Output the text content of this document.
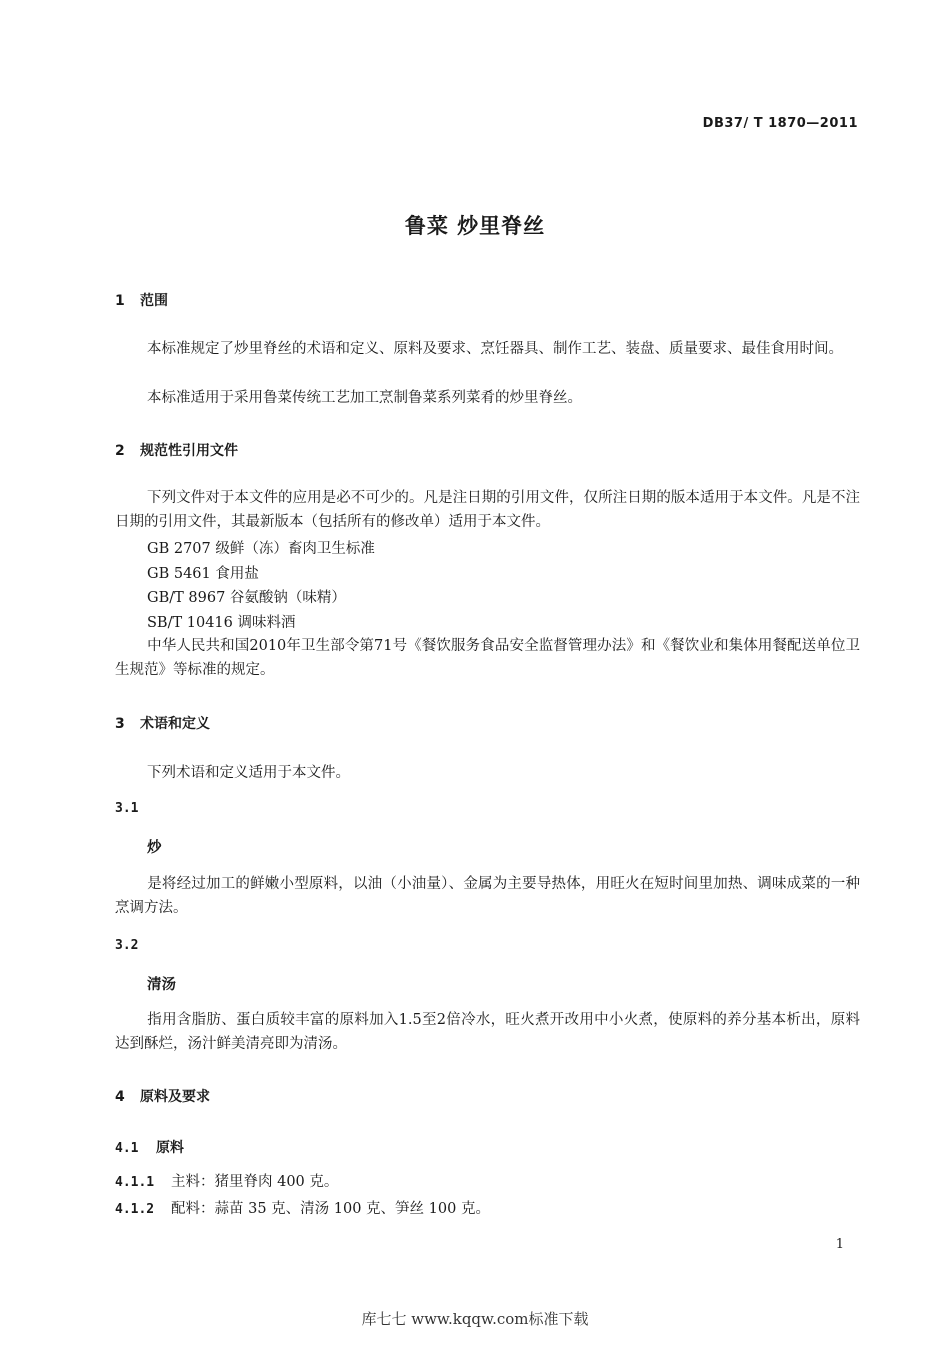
DB37/ T 1870—2011
鲁菜 炒里脊丝
1 范围
本标准规定了炒里脊丝的术语和定义、原料及要求、烹饪器具、制作工艺、装盘、质量要求、最佳食用时间。
本标准适用于采用鲁菜传统工艺加工烹制鲁菜系列菜肴的炒里脊丝。
2 规范性引用文件
下列文件对于本文件的应用是必不可少的。凡是注日期的引用文件，仅所注日期的版本适用于本文件。凡是不注日期的引用文件，其最新版本（包括所有的修改单）适用于本文件。
GB 2707 级鲜（冻）畜肉卫生标准
GB 5461 食用盐
GB/T 8967 谷氨酸钠（味精）
SB/T 10416 调味料酒
中华人民共和国2010年卫生部令第71号《餐饮服务食品安全监督管理办法》和《餐饮业和集体用餐配送单位卫生规范》等标准的规定。
3 术语和定义
下列术语和定义适用于本文件。
3.1
炒
是将经过加工的鲜嫩小型原料，以油（小油量）、金属为主要导热体，用旺火在短时间里加热、调味成菜的一种烹调方法。
3.2
清汤
指用含脂肪、蛋白质较丰富的原料加入1.5至2倍冷水，旺火煮开改用中小火煮，使原料的养分基本析出，原料达到酥烂，汤汁鲜美清亮即为清汤。
4 原料及要求
4.1 原料
4.1.1 主料：猪里脊肉 400 克。
4.1.2 配料：蒜苗 35 克、清汤 100 克、笋丝 100 克。
1
库七七 www.kqqw.com标准下载
